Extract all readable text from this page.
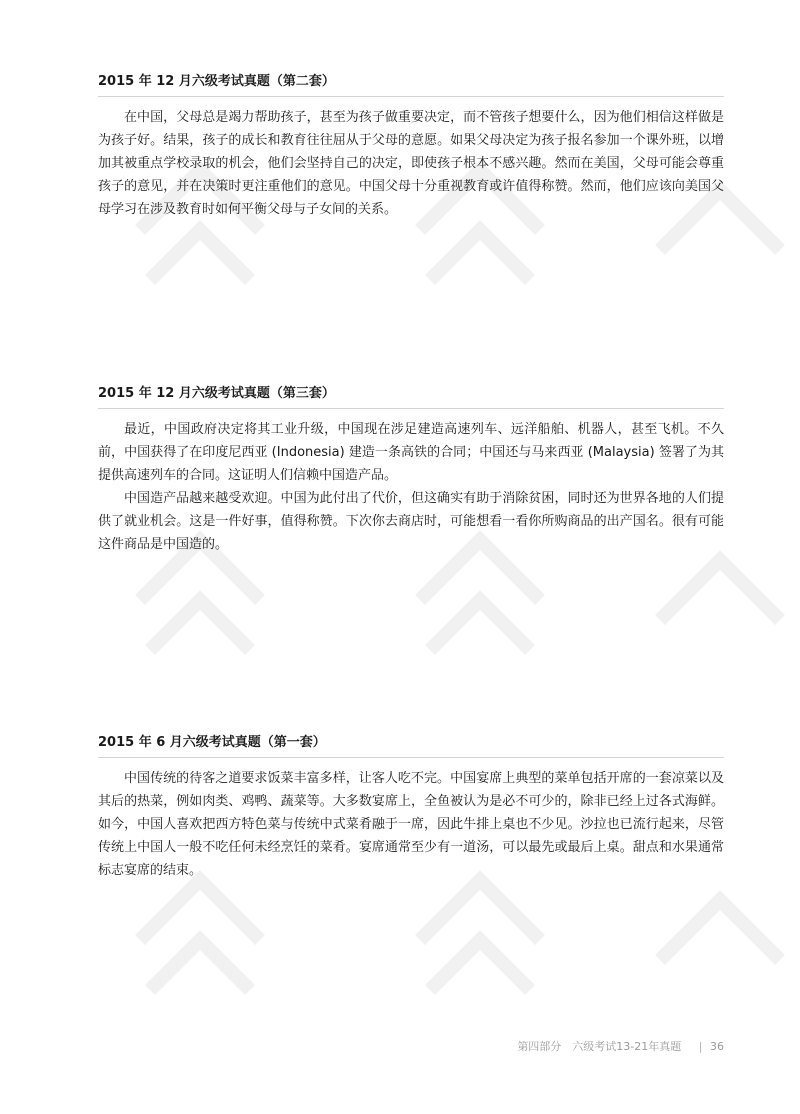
2015 年 12 月六级考试真题（第二套）

在中国，父母总是竭力帮助孩子，甚至为孩子做重要决定，而不管孩子想要什么，因为他们相信这样做是为孩子好。结果，孩子的成长和教育往往屈从于父母的意愿。如果父母决定为孩子报名参加一个课外班，以增加其被重点学校录取的机会，他们会坚持自己的决定，即使孩子根本不感兴趣。然而在美国，父母可能会尊重孩子的意见，并在决策时更注重他们的意见。中国父母十分重视教育或许值得称赞。然而，他们应该向美国父母学习在涉及教育时如何平衡父母与子女间的关系。

2015 年 12 月六级考试真题（第三套）

最近，中国政府决定将其工业升级，中国现在涉足建造高速列车、远洋船舶、机器人，甚至飞机。不久前，中国获得了在印度尼西亚 (Indonesia) 建造一条高铁的合同；中国还与马来西亚 (Malaysia) 签署了为其提供高速列车的合同。这证明人们信赖中国造产品。

中国造产品越来越受欢迎。中国为此付出了代价，但这确实有助于消除贫困，同时还为世界各地的人们提供了就业机会。这是一件好事，值得称赞。下次你去商店时，可能想看一看你所购商品的出产国名。很有可能这件商品是中国造的。

2015 年 6 月六级考试真题（第一套）

中国传统的待客之道要求饭菜丰富多样，让客人吃不完。中国宴席上典型的菜单包括开席的一套凉菜以及其后的热菜，例如肉类、鸡鸭、蔬菜等。大多数宴席上，全鱼被认为是必不可少的，除非已经上过各式海鲜。如今，中国人喜欢把西方特色菜与传统中式菜肴融于一席，因此牛排上桌也不少见。沙拉也已流行起来，尽管传统上中国人一般不吃任何未经烹饪的菜肴。宴席通常至少有一道汤，可以最先或最后上桌。甜点和水果通常标志宴席的结束。

第四部分　六级考试13-21年真题 | 36
